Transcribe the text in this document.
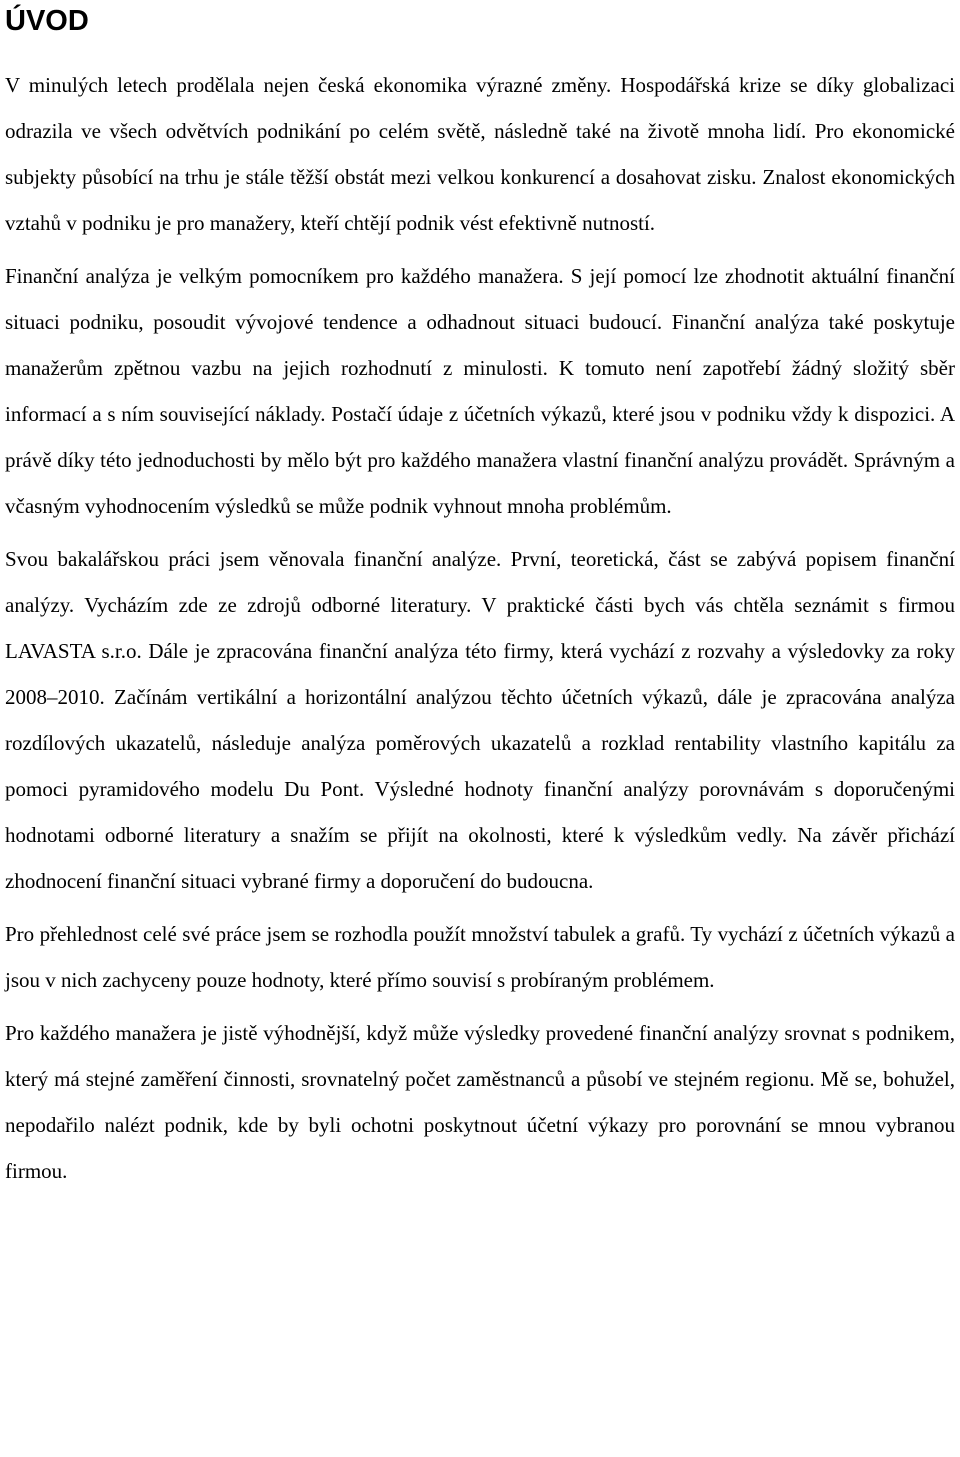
ÚVOD

V minulých letech prodělala nejen česká ekonomika výrazné změny. Hospodářská krize se díky globalizaci odrazila ve všech odvětvích podnikání po celém světě, následně také na životě mnoha lidí. Pro ekonomické subjekty působící na trhu je stále těžší obstát mezi velkou konkurencí a dosahovat zisku. Znalost ekonomických vztahů v podniku je pro manažery, kteří chtějí podnik vést efektivně nutností.

Finanční analýza je velkým pomocníkem pro každého manažera. S její pomocí lze zhodnotit aktuální finanční situaci podniku, posoudit vývojové tendence a odhadnout situaci budoucí. Finanční analýza také poskytuje manažerům zpětnou vazbu na jejich rozhodnutí z minulosti. K tomuto není zapotřebí žádný složitý sběr informací a s ním související náklady. Postačí údaje z účetních výkazů, které jsou v podniku vždy k dispozici. A právě díky této jednoduchosti by mělo být pro každého manažera vlastní finanční analýzu provádět. Správným a včasným vyhodnocením výsledků se může podnik vyhnout mnoha problémům.

Svou bakalářskou práci jsem věnovala finanční analýze. První, teoretická, část se zabývá popisem finanční analýzy. Vycházím zde ze zdrojů odborné literatury. V praktické části bych vás chtěla seznámit s firmou LAVASTA s.r.o. Dále je zpracována finanční analýza této firmy, která vychází z rozvahy a výsledovky za roky 2008–2010. Začínám vertikální a horizontální analýzou těchto účetních výkazů, dále je zpracována analýza rozdílových ukazatelů, následuje analýza poměrových ukazatelů a rozklad rentability vlastního kapitálu za pomoci pyramidového modelu Du Pont. Výsledné hodnoty finanční analýzy porovnávám s doporučenými hodnotami odborné literatury a snažím se přijít na okolnosti, které k výsledkům vedly. Na závěr přichází zhodnocení finanční situaci vybrané firmy a doporučení do budoucna.

Pro přehlednost celé své práce jsem se rozhodla použít množství tabulek a grafů. Ty vychází z účetních výkazů a jsou v nich zachyceny pouze hodnoty, které přímo souvisí s probíraným problémem.

Pro každého manažera je jistě výhodnější, když může výsledky provedené finanční analýzy srovnat s podnikem, který má stejné zaměření činnosti, srovnatelný počet zaměstnanců a působí ve stejném regionu. Mě se, bohužel, nepodařilo nalézt podnik, kde by byli ochotni poskytnout účetní výkazy pro porovnání se mnou vybranou firmou.
